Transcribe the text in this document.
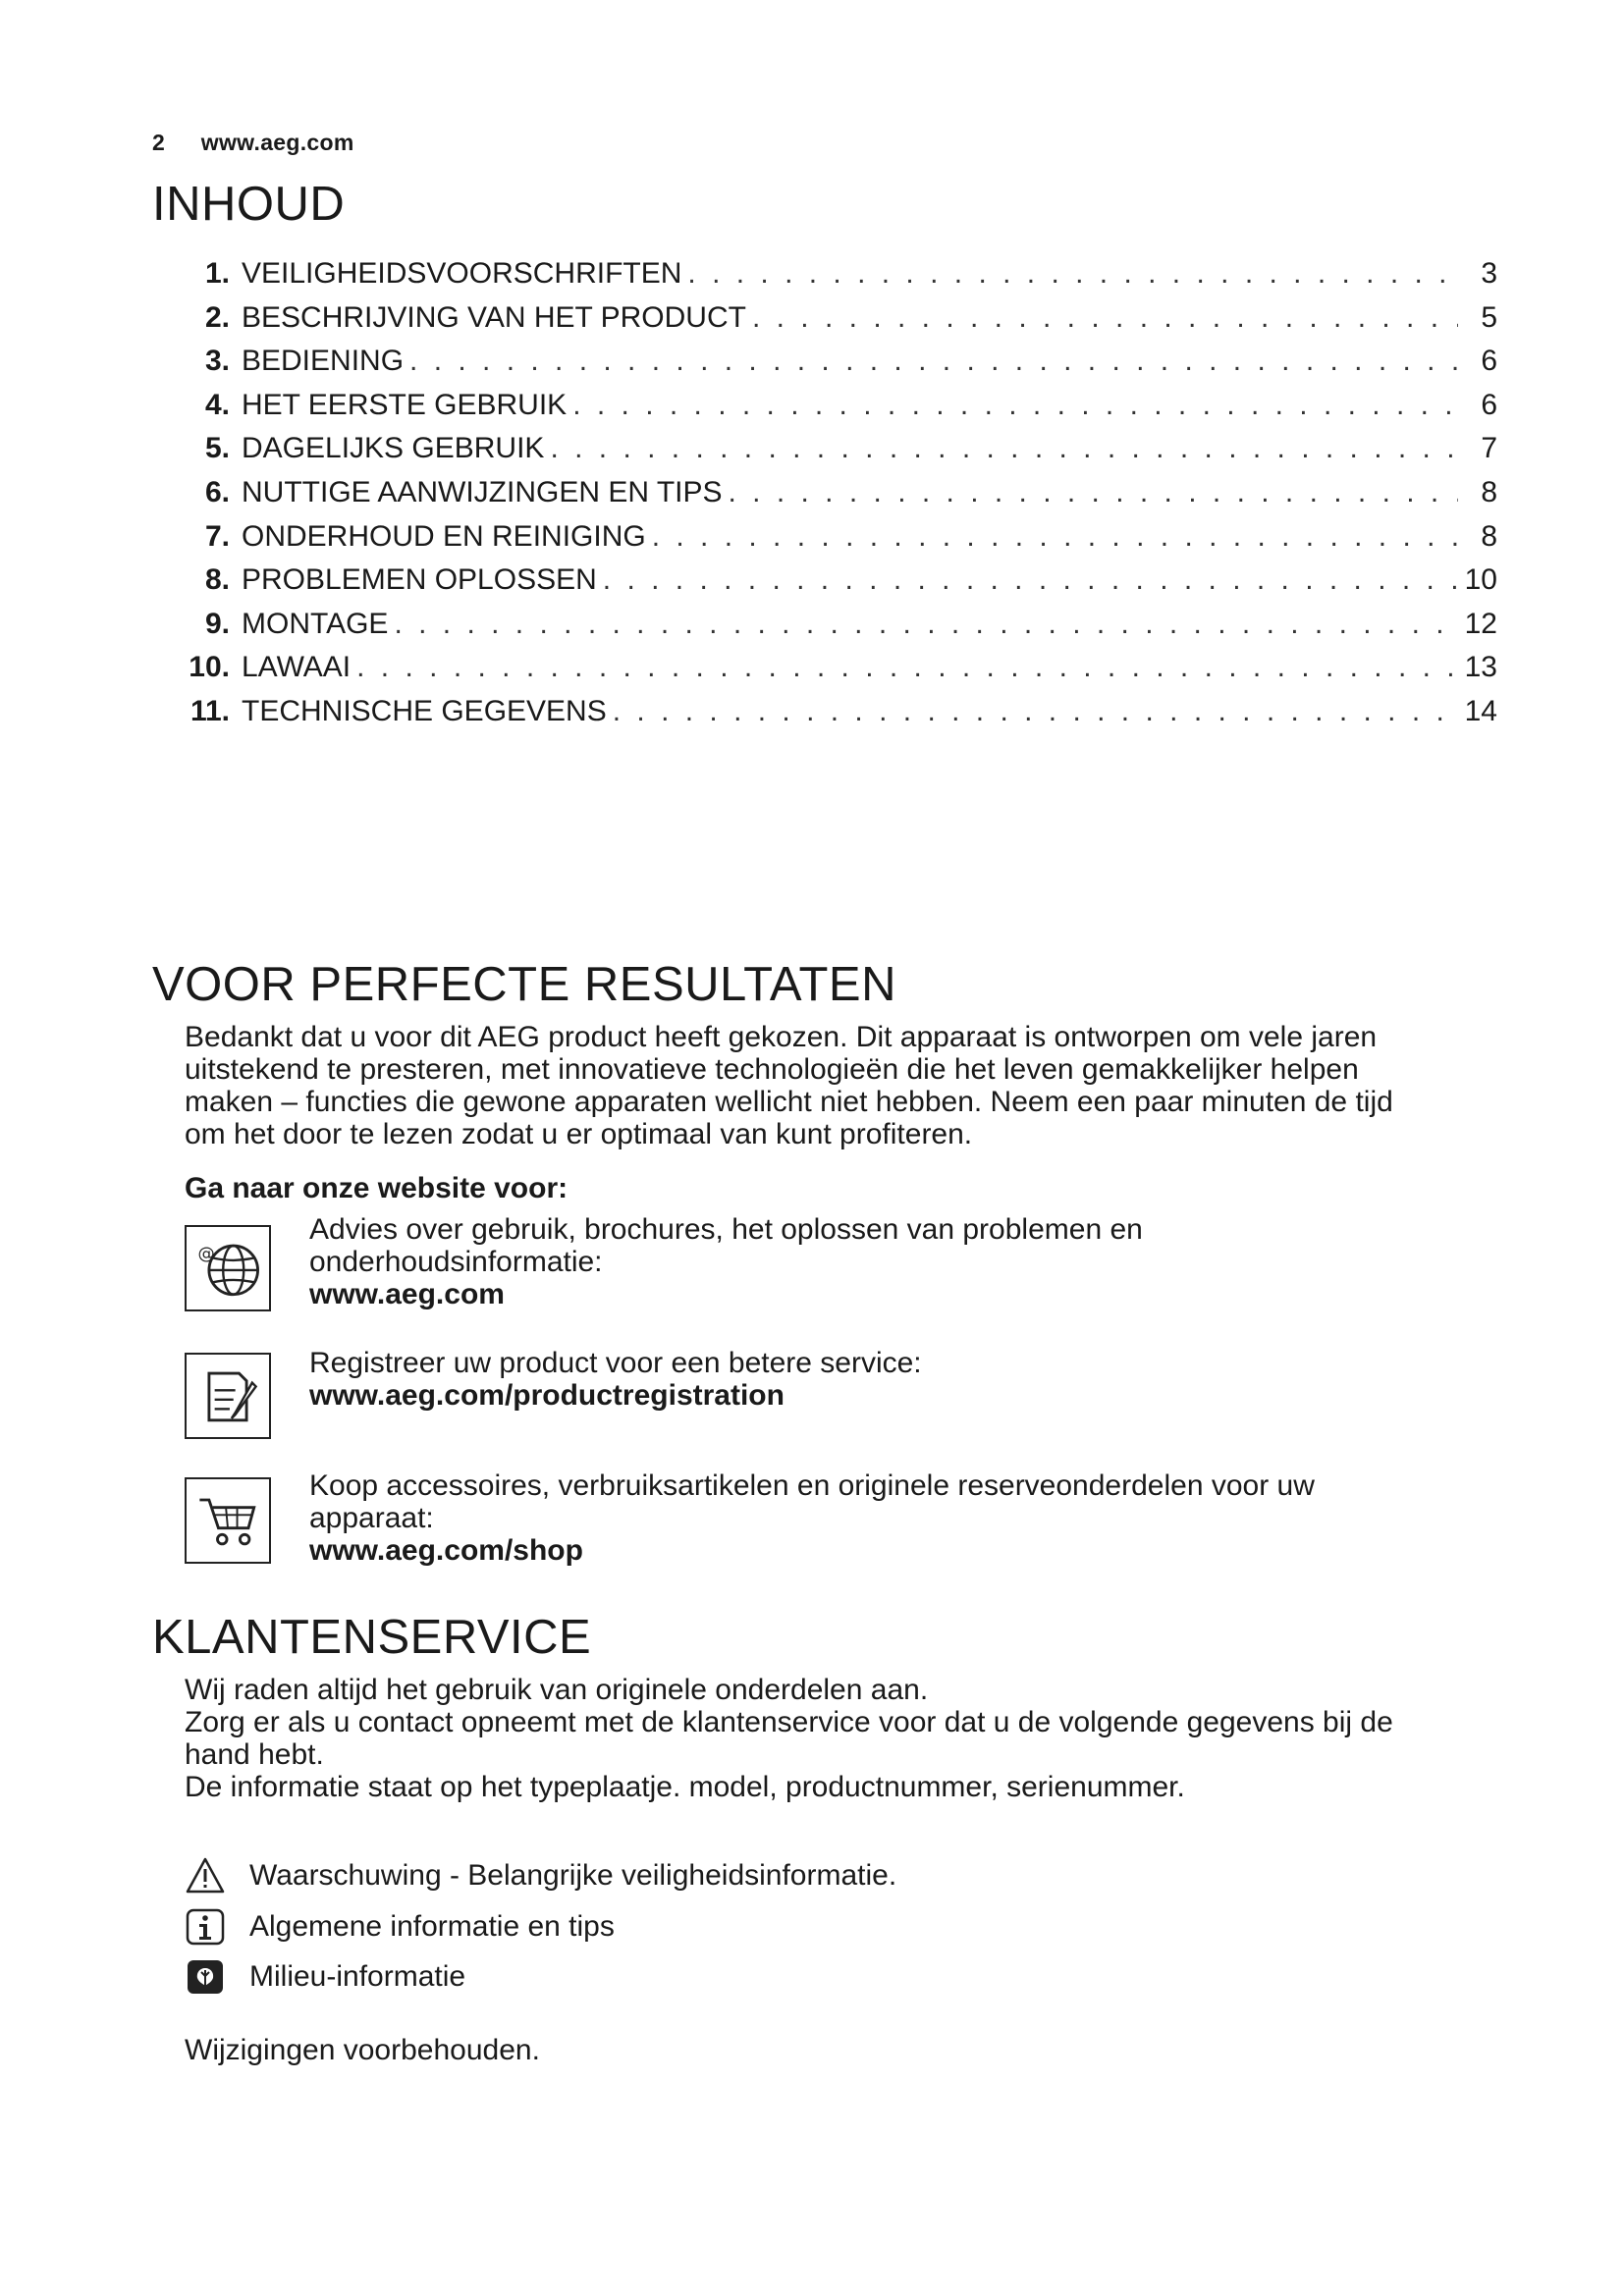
2 www.aeg.com
INHOUD
1. VEILIGHEIDSVOORSCHRIFTEN . . .	3
2. BESCHRIJVING VAN HET PRODUCT . . .	5
3. BEDIENING . . .	6
4. HET EERSTE GEBRUIK . . .	6
5. DAGELIJKS GEBRUIK . . .	7
6. NUTTIGE AANWIJZINGEN EN TIPS . . .	8
7. ONDERHOUD EN REINIGING . . .	8
8. PROBLEMEN OPLOSSEN . . .	10
9. MONTAGE . . .	12
10. LAWAAI . . .	13
11. TECHNISCHE GEGEVENS . . .	14
VOOR PERFECTE RESULTATEN
Bedankt dat u voor dit AEG product heeft gekozen. Dit apparaat is ontworpen om vele jaren
uitstekend te presteren, met innovatieve technologieën die het leven gemakkelijker helpen
maken – functies die gewone apparaten wellicht niet hebben. Neem een paar minuten de tijd
om het door te lezen zodat u er optimaal van kunt profiteren.
Ga naar onze website voor:
@
Advies over gebruik, brochures, het oplossen van problemen en
onderhoudsinformatie:
www.aeg.com
Registreer uw product voor een betere service:
www.aeg.com/productregistration
Koop accessoires, verbruiksartikelen en originele reserveonderdelen voor uw
apparaat:
www.aeg.com/shop
KLANTENSERVICE
Wij raden altijd het gebruik van originele onderdelen aan.
Zorg er als u contact opneemt met de klantenservice voor dat u de volgende gegevens bij de
hand hebt.
De informatie staat op het typeplaatje. model, productnummer, serienummer.
Waarschuwing - Belangrijke veiligheidsinformatie.
Algemene informatie en tips
Milieu-informatie
Wijzigingen voorbehouden.
